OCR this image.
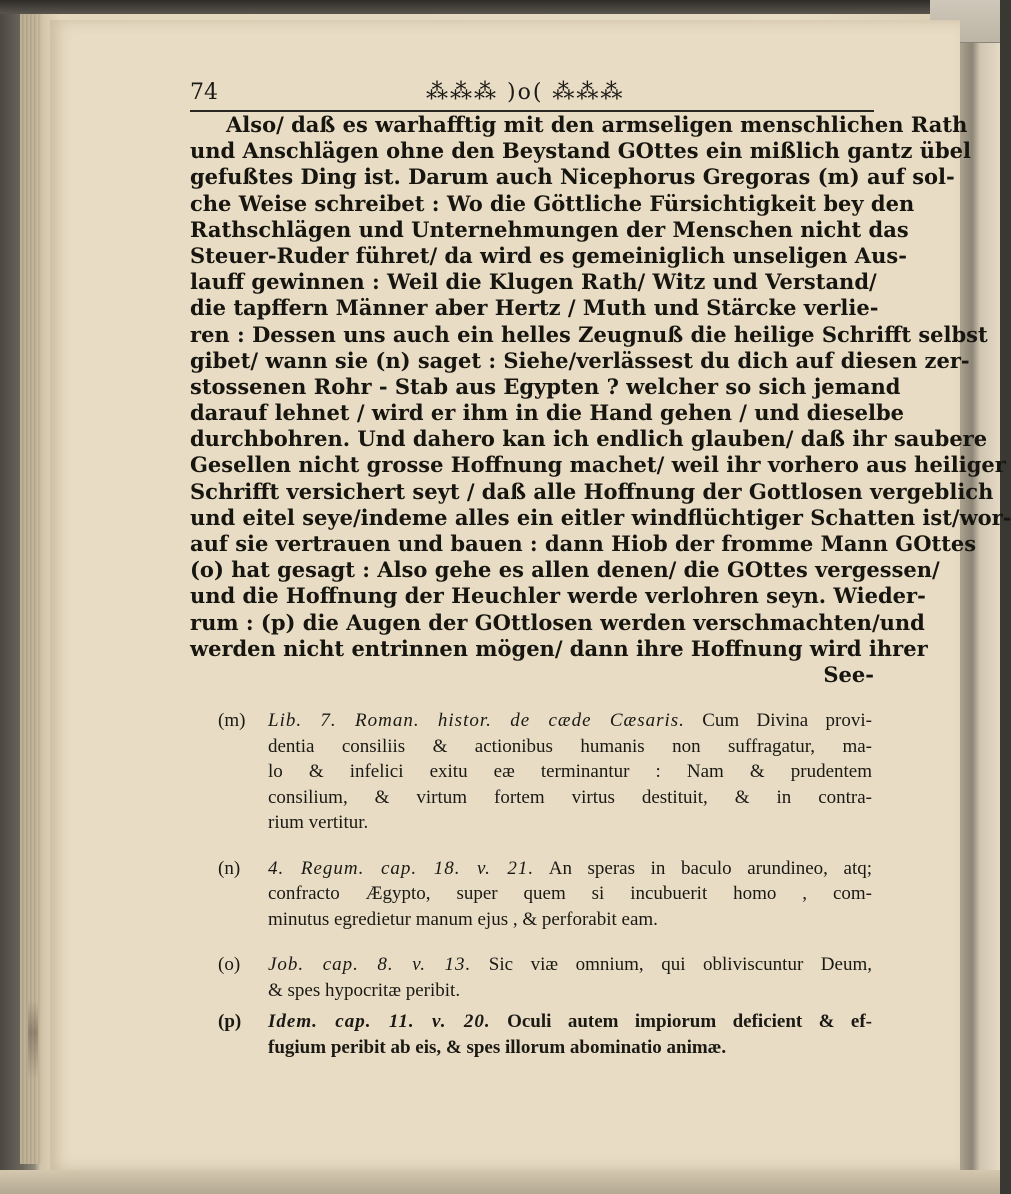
74	⁂⁂⁂ )o( ⁂⁂⁂
Also/ daß es warhafftig mit den armseligen menschlichen Rath
und Anschlägen ohne den Beystand GOttes ein mißlich gantz übel
gefußtes Ding ist. Darum auch Nicephorus Gregoras (m) auf sol-
che Weise schreibet : Wo die Göttliche Fürsichtigkeit bey den
Rathschlägen und Unternehmungen der Menschen nicht das
Steuer-Ruder führet/ da wird es gemeiniglich unseligen Aus-
lauff gewinnen : Weil die Klugen Rath/ Witz und Verstand/
die tapffern Männer aber Hertz / Muth und Stärcke verlie-
ren : Dessen uns auch ein helles Zeugnuß die heilige Schrifft selbst
gibet/ wann sie (n) saget : Siehe/verlässest du dich auf diesen zer-
stossenen Rohr - Stab aus Egypten ? welcher so sich jemand
darauf lehnet / wird er ihm in die Hand gehen / und dieselbe
durchbohren. Und dahero kan ich endlich glauben/ daß ihr saubere
Gesellen nicht grosse Hoffnung machet/ weil ihr vorhero aus heiliger
Schrifft versichert seyt / daß alle Hoffnung der Gottlosen vergeblich
und eitel seye/indeme alles ein eitler windflüchtiger Schatten ist/wor-
auf sie vertrauen und bauen : dann Hiob der fromme Mann GOttes
(o) hat gesagt : Also gehe es allen denen/ die GOttes vergessen/
und die Hoffnung der Heuchler werde verlohren seyn. Wieder-
rum : (p) die Augen der GOttlosen werden verschmachten/und
werden nicht entrinnen mögen/ dann ihre Hoffnung wird ihrer
See-
(m)	Lib. 7. Roman. histor. de cæde Cæsaris. Cum Divina provi-
dentia consiliis & actionibus humanis non suffragatur, ma-
lo & infelici exitu eæ terminantur : Nam & prudentem
consilium, & virtum fortem virtus destituit, & in contra-
rium vertitur.
(n)	4. Regum. cap. 18. v. 21. An speras in baculo arundineo, atq;
confracto Ægypto, super quem si incubuerit homo , com-
minutus egredietur manum ejus , & perforabit eam.
(o)	Job. cap. 8. v. 13. Sic viæ omnium, qui obliviscuntur Deum,
& spes hypocritæ peribit.
(p)	Idem. cap. 11. v. 20. Oculi autem impiorum deficient & ef-
fugium peribit ab eis, & spes illorum abominatio animæ.
